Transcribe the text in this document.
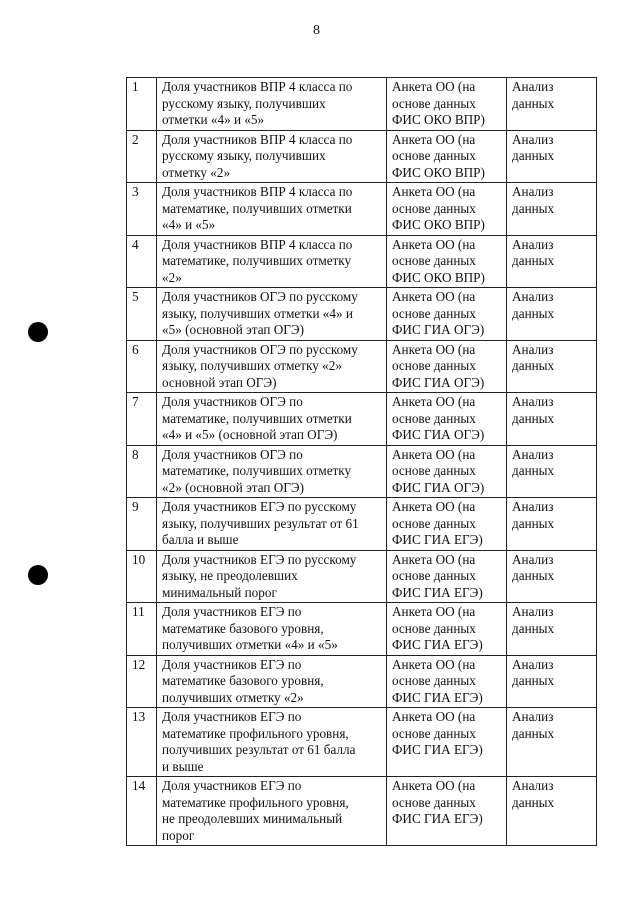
8
1	Доля участников ВПР 4 класса по
русскому языку, получивших
отметки «4» и «5»	Анкета ОО (на
основе данных
ФИС ОКО ВПР)	Анализ
данных

2	Доля участников ВПР 4 класса по
русскому языку, получивших
отметку «2»	Анкета ОО (на
основе данных
ФИС ОКО ВПР)	Анализ
данных

3	Доля участников ВПР 4 класса по
математике, получивших отметки
«4» и «5»	Анкета ОО (на
основе данных
ФИС ОКО ВПР)	Анализ
данных

4	Доля участников ВПР 4 класса по
математике, получивших отметку
«2»	Анкета ОО (на
основе данных
ФИС ОКО ВПР)	Анализ
данных

5	Доля участников ОГЭ по русскому
языку, получивших отметки «4» и
«5» (основной этап ОГЭ)	Анкета ОО (на
основе данных
ФИС ГИА ОГЭ)	Анализ
данных

6	Доля участников ОГЭ по русскому
языку, получивших отметку «2»
основной этап ОГЭ)	Анкета ОО (на
основе данных
ФИС ГИА ОГЭ)	Анализ
данных

7	Доля участников ОГЭ по
математике, получивших отметки
«4» и «5» (основной этап ОГЭ)	Анкета ОО (на
основе данных
ФИС ГИА ОГЭ)	Анализ
данных

8	Доля участников ОГЭ по
математике, получивших отметку
«2» (основной этап ОГЭ)	Анкета ОО (на
основе данных
ФИС ГИА ОГЭ)	Анализ
данных

9	Доля участников ЕГЭ по русскому
языку, получивших результат от 61
балла и выше	Анкета ОО (на
основе данных
ФИС ГИА ЕГЭ)	Анализ
данных

10	Доля участников ЕГЭ по русскому
языку, не преодолевших
минимальный порог	Анкета ОО (на
основе данных
ФИС ГИА ЕГЭ)	Анализ
данных

11	Доля участников ЕГЭ по
математике базового уровня,
получивших отметки «4» и «5»	Анкета ОО (на
основе данных
ФИС ГИА ЕГЭ)	Анализ
данных

12	Доля участников ЕГЭ по
математике базового уровня,
получивших отметку «2»	Анкета ОО (на
основе данных
ФИС ГИА ЕГЭ)	Анализ
данных

13	Доля участников ЕГЭ по
математике профильного уровня,
получивших результат от 61 балла
и выше	Анкета ОО (на
основе данных
ФИС ГИА ЕГЭ)	Анализ
данных

14	Доля участников ЕГЭ по
математике профильного уровня,
не преодолевших минимальный
порог	Анкета ОО (на
основе данных
ФИС ГИА ЕГЭ)	Анализ
данных
